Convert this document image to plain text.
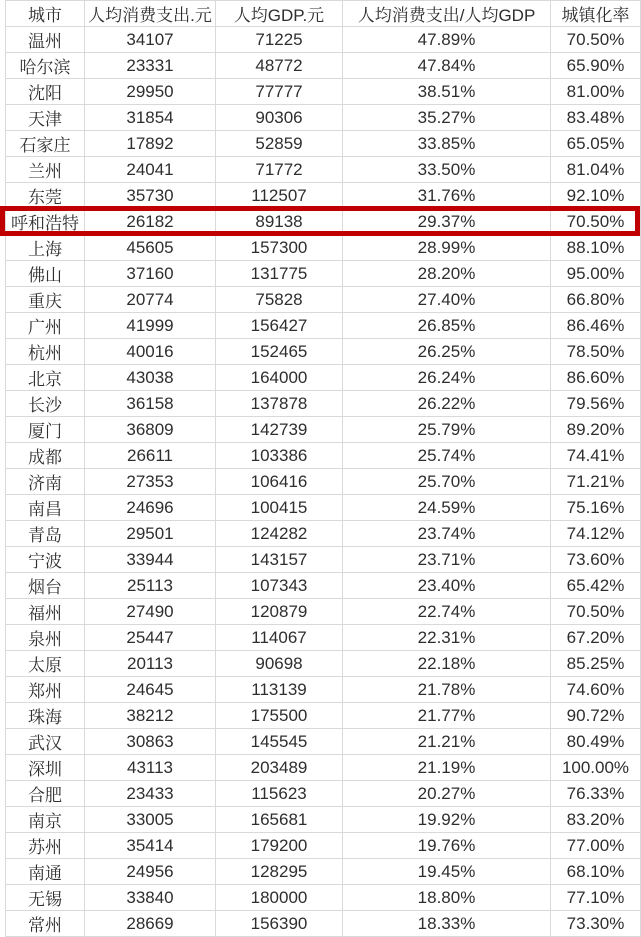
城市	人均消费支出.元	人均GDP.元	人均消费支出/人均GDP	城镇化率
温州	34107	71225	47.89%	70.50%
哈尔滨	23331	48772	47.84%	65.90%
沈阳	29950	77777	38.51%	81.00%
天津	31854	90306	35.27%	83.48%
石家庄	17892	52859	33.85%	65.05%
兰州	24041	71772	33.50%	81.04%
东莞	35730	112507	31.76%	92.10%
呼和浩特	26182	89138	29.37%	70.50%
上海	45605	157300	28.99%	88.10%
佛山	37160	131775	28.20%	95.00%
重庆	20774	75828	27.40%	66.80%
广州	41999	156427	26.85%	86.46%
杭州	40016	152465	26.25%	78.50%
北京	43038	164000	26.24%	86.60%
长沙	36158	137878	26.22%	79.56%
厦门	36809	142739	25.79%	89.20%
成都	26611	103386	25.74%	74.41%
济南	27353	106416	25.70%	71.21%
南昌	24696	100415	24.59%	75.16%
青岛	29501	124282	23.74%	74.12%
宁波	33944	143157	23.71%	73.60%
烟台	25113	107343	23.40%	65.42%
福州	27490	120879	22.74%	70.50%
泉州	25447	114067	22.31%	67.20%
太原	20113	90698	22.18%	85.25%
郑州	24645	113139	21.78%	74.60%
珠海	38212	175500	21.77%	90.72%
武汉	30863	145545	21.21%	80.49%
深圳	43113	203489	21.19%	100.00%
合肥	23433	115623	20.27%	76.33%
南京	33005	165681	19.92%	83.20%
苏州	35414	179200	19.76%	77.00%
南通	24956	128295	19.45%	68.10%
无锡	33840	180000	18.80%	77.10%
常州	28669	156390	18.33%	73.30%
